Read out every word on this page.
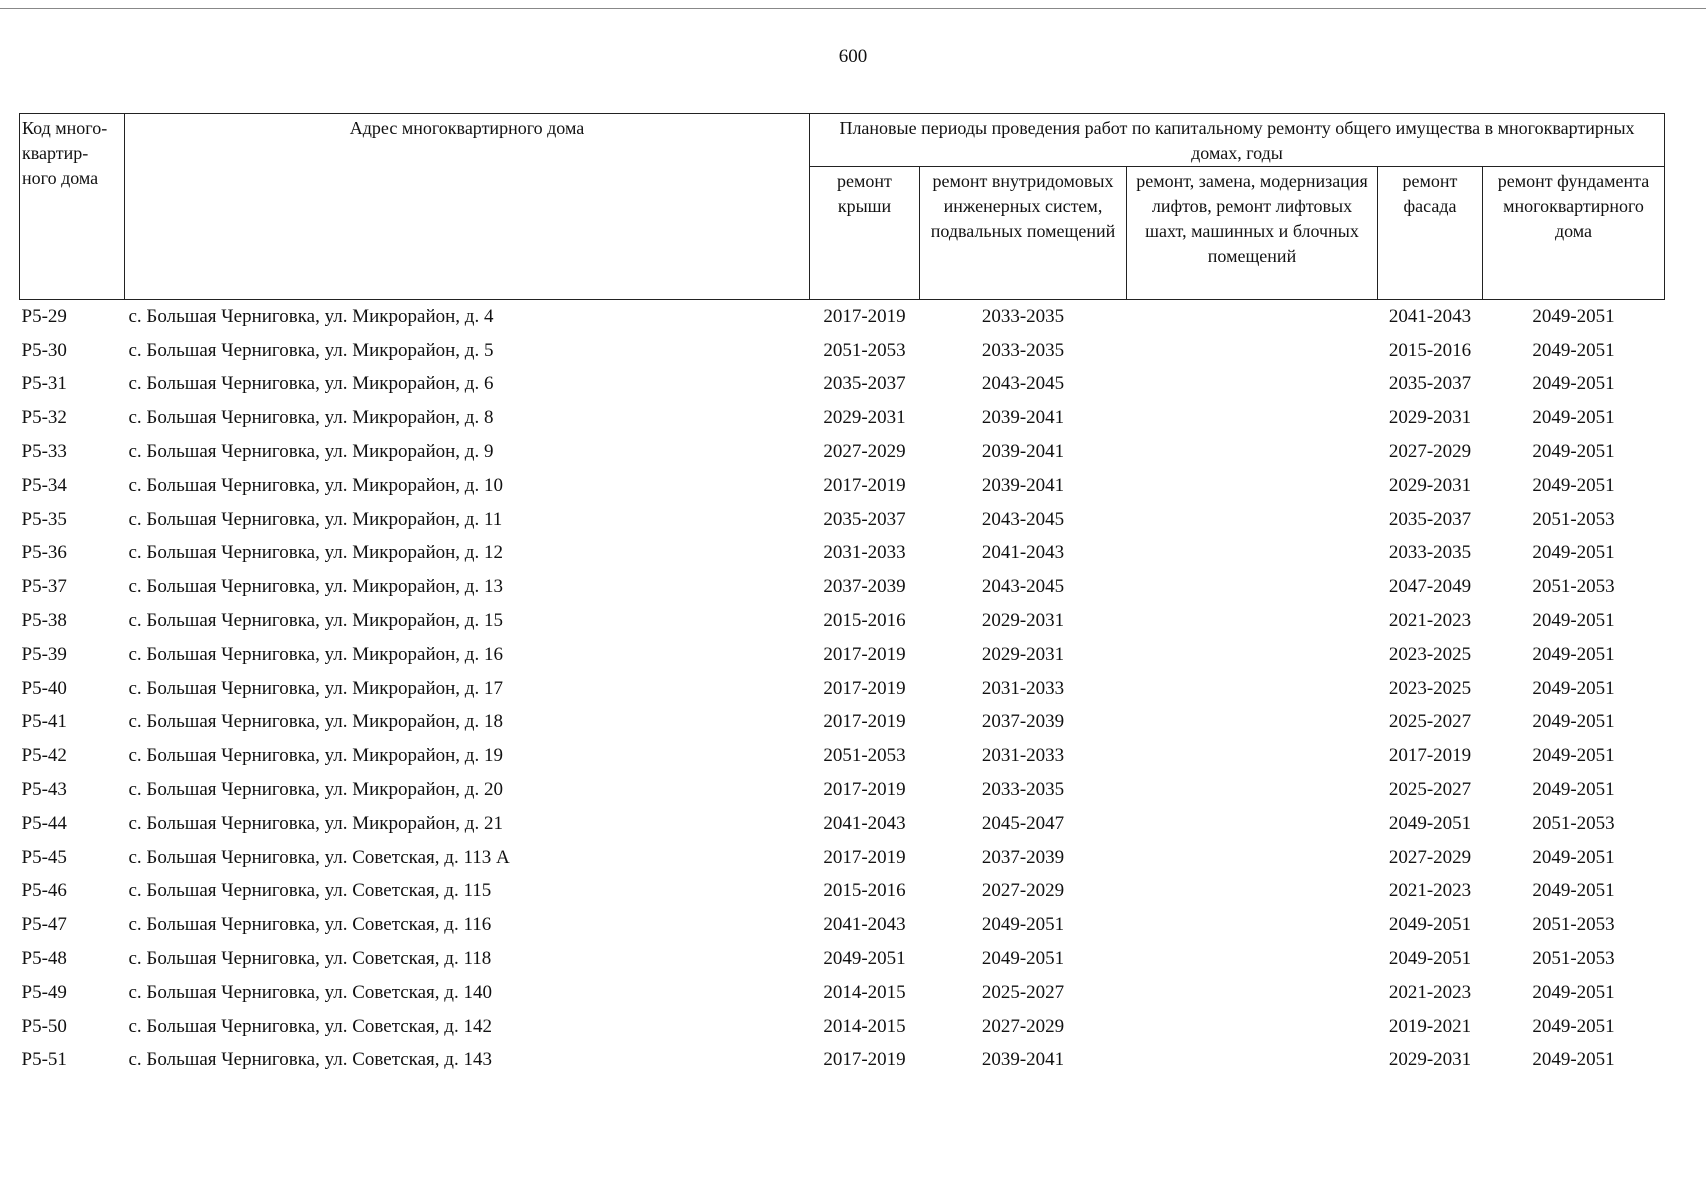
600
Код много-квартир-ного дома	Адрес многоквартирного дома	Плановые периоды проведения работ по капитальному ремонту общего имущества в многоквартирных домах, годы				
		ремонт крыши	ремонт внутридомовых инженерных систем, подвальных помещений	ремонт, замена, модернизация лифтов, ремонт лифтовых шахт, машинных и блочных помещений	ремонт фасада	ремонт фундамента многоквартирного дома
Р5-29	с. Большая Черниговка, ул. Микрорайон, д. 4	2017-2019	2033-2035		2041-2043	2049-2051
Р5-30	с. Большая Черниговка, ул. Микрорайон, д. 5	2051-2053	2033-2035		2015-2016	2049-2051
Р5-31	с. Большая Черниговка, ул. Микрорайон, д. 6	2035-2037	2043-2045		2035-2037	2049-2051
Р5-32	с. Большая Черниговка, ул. Микрорайон, д. 8	2029-2031	2039-2041		2029-2031	2049-2051
Р5-33	с. Большая Черниговка, ул. Микрорайон, д. 9	2027-2029	2039-2041		2027-2029	2049-2051
Р5-34	с. Большая Черниговка, ул. Микрорайон, д. 10	2017-2019	2039-2041		2029-2031	2049-2051
Р5-35	с. Большая Черниговка, ул. Микрорайон, д. 11	2035-2037	2043-2045		2035-2037	2051-2053
Р5-36	с. Большая Черниговка, ул. Микрорайон, д. 12	2031-2033	2041-2043		2033-2035	2049-2051
Р5-37	с. Большая Черниговка, ул. Микрорайон, д. 13	2037-2039	2043-2045		2047-2049	2051-2053
Р5-38	с. Большая Черниговка, ул. Микрорайон, д. 15	2015-2016	2029-2031		2021-2023	2049-2051
Р5-39	с. Большая Черниговка, ул. Микрорайон, д. 16	2017-2019	2029-2031		2023-2025	2049-2051
Р5-40	с. Большая Черниговка, ул. Микрорайон, д. 17	2017-2019	2031-2033		2023-2025	2049-2051
Р5-41	с. Большая Черниговка, ул. Микрорайон, д. 18	2017-2019	2037-2039		2025-2027	2049-2051
Р5-42	с. Большая Черниговка, ул. Микрорайон, д. 19	2051-2053	2031-2033		2017-2019	2049-2051
Р5-43	с. Большая Черниговка, ул. Микрорайон, д. 20	2017-2019	2033-2035		2025-2027	2049-2051
Р5-44	с. Большая Черниговка, ул. Микрорайон, д. 21	2041-2043	2045-2047		2049-2051	2051-2053
Р5-45	с. Большая Черниговка, ул. Советская, д. 113 А	2017-2019	2037-2039		2027-2029	2049-2051
Р5-46	с. Большая Черниговка, ул. Советская, д. 115	2015-2016	2027-2029		2021-2023	2049-2051
Р5-47	с. Большая Черниговка, ул. Советская, д. 116	2041-2043	2049-2051		2049-2051	2051-2053
Р5-48	с. Большая Черниговка, ул. Советская, д. 118	2049-2051	2049-2051		2049-2051	2051-2053
Р5-49	с. Большая Черниговка, ул. Советская, д. 140	2014-2015	2025-2027		2021-2023	2049-2051
Р5-50	с. Большая Черниговка, ул. Советская, д. 142	2014-2015	2027-2029		2019-2021	2049-2051
Р5-51	с. Большая Черниговка, ул. Советская, д. 143	2017-2019	2039-2041		2029-2031	2049-2051
